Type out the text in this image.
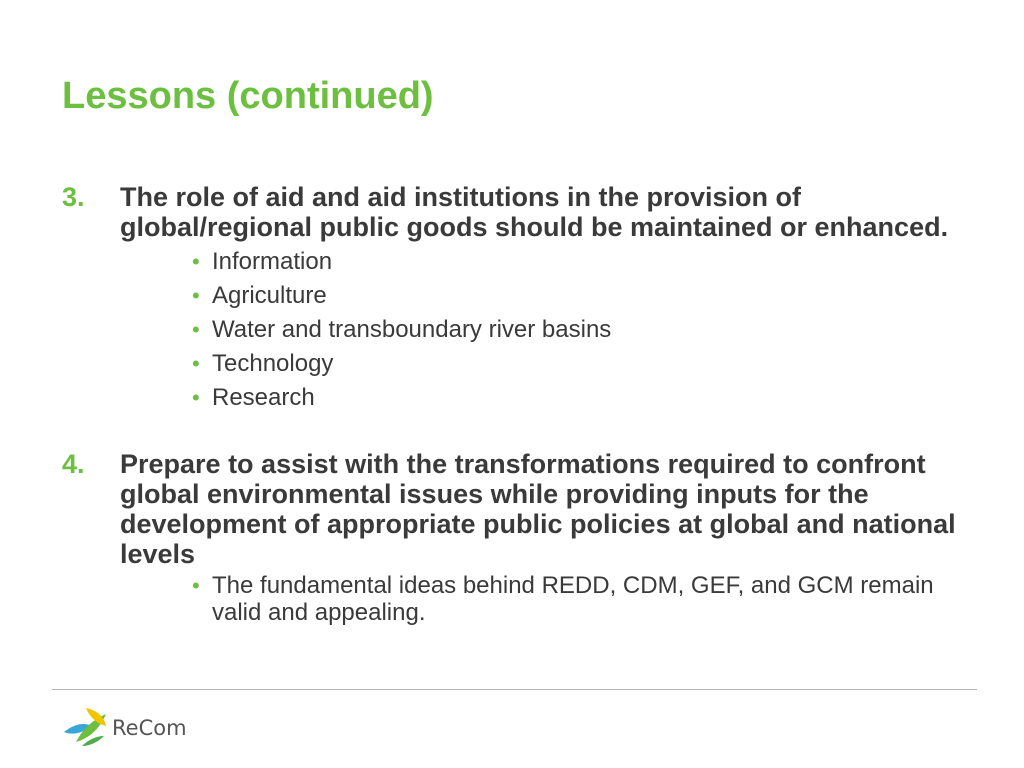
Lessons (continued)
3. The role of aid and aid institutions in the provision of global/regional public goods should be maintained or enhanced.
• Information
• Agriculture
• Water and transboundary river basins
• Technology
• Research
4. Prepare to assist with the transformations required to confront global environmental issues while providing inputs for the development of appropriate public policies at global and national levels
• The fundamental ideas behind REDD, CDM, GEF, and GCM remain valid and appealing.
ReCom
